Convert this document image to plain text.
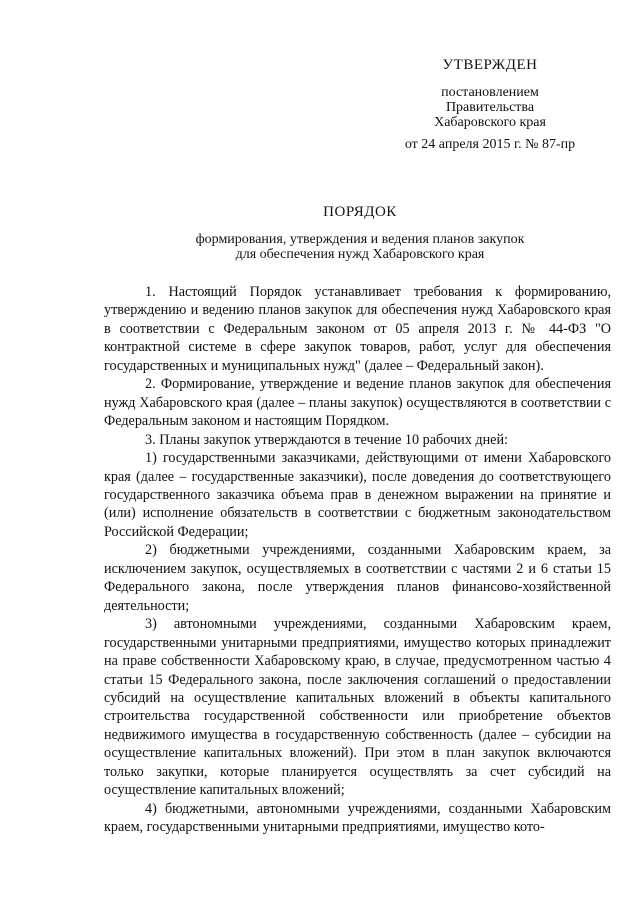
УТВЕРЖДЕН
постановлением
Правительства
Хабаровского края
от 24 апреля 2015 г. № 87-пр
ПОРЯДОК
формирования, утверждения и ведения планов закупок
для обеспечения нужд Хабаровского края

1. Настоящий Порядок устанавливает требования к формированию, утверждению и ведению планов закупок для обеспечения нужд Хабаровского края в соответствии с Федеральным законом от 05 апреля 2013 г. № 44-ФЗ "О контрактной системе в сфере закупок товаров, работ, услуг для обеспечения государственных и муниципальных нужд" (далее – Федеральный закон).

2. Формирование, утверждение и ведение планов закупок для обеспечения нужд Хабаровского края (далее – планы закупок) осуществляются в соответствии с Федеральным законом и настоящим Порядком.

3. Планы закупок утверждаются в течение 10 рабочих дней:

1) государственными заказчиками, действующими от имени Хабаровского края (далее – государственные заказчики), после доведения до соответствующего государственного заказчика объема прав в денежном выражении на принятие и (или) исполнение обязательств в соответствии с бюджетным законодательством Российской Федерации;

2) бюджетными учреждениями, созданными Хабаровским краем, за исключением закупок, осуществляемых в соответствии с частями 2 и 6 статьи 15 Федерального закона, после утверждения планов финансово-хозяйственной деятельности;

3) автономными учреждениями, созданными Хабаровским краем, государственными унитарными предприятиями, имущество которых принадлежит на праве собственности Хабаровскому краю, в случае, предусмотренном частью 4 статьи 15 Федерального закона, после заключения соглашений о предоставлении субсидий на осуществление капитальных вложений в объекты капитального строительства государственной собственности или приобретение объектов недвижимого имущества в государственную собственность (далее – субсидии на осуществление капитальных вложений). При этом в план закупок включаются только закупки, которые планируется осуществлять за счет субсидий на осуществление капитальных вложений;

4) бюджетными, автономными учреждениями, созданными Хабаровским краем, государственными унитарными предприятиями, имущество кото-
